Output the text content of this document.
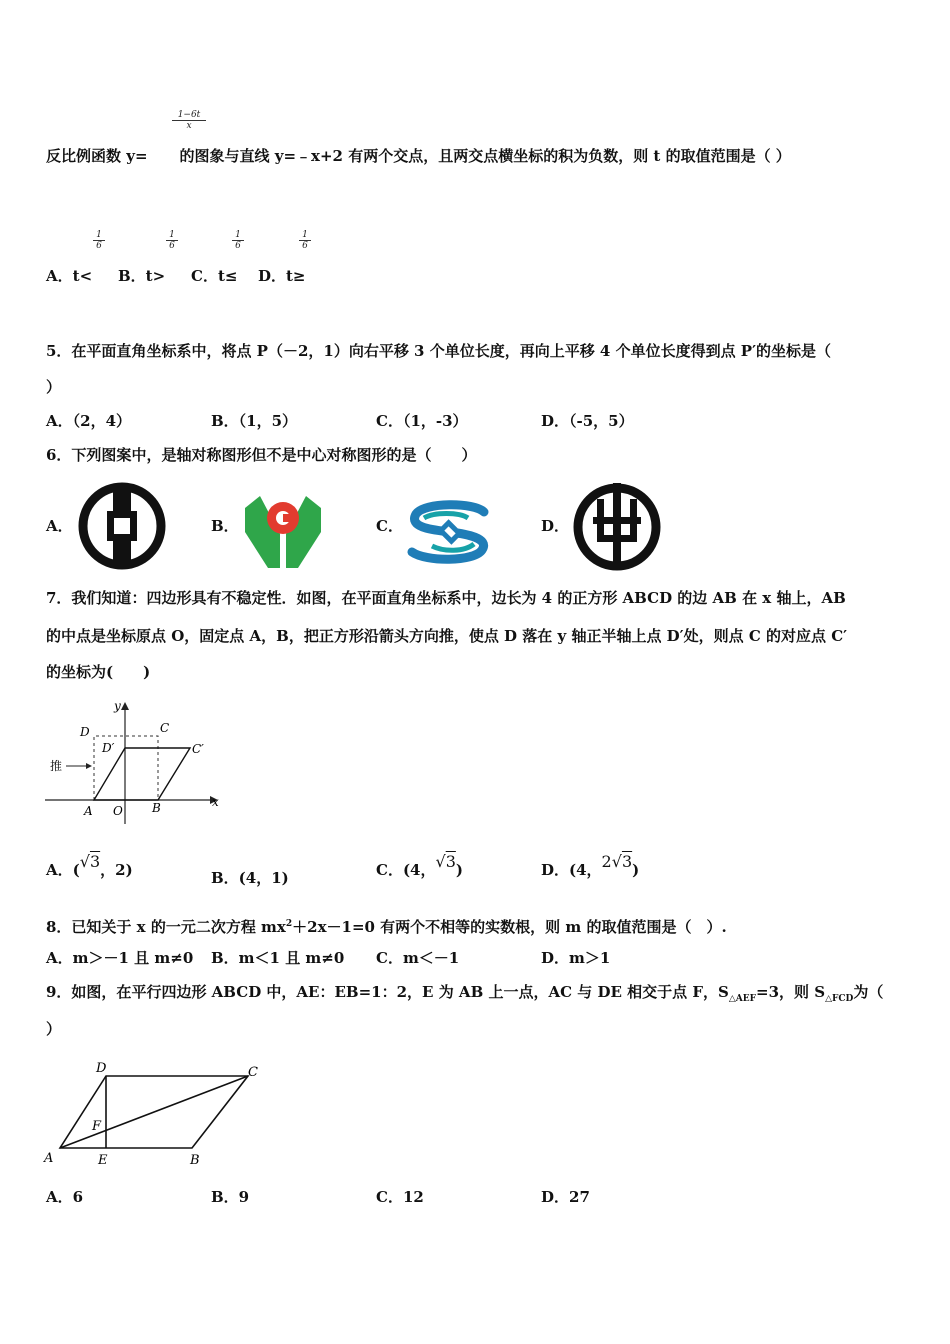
$\frac{1-6t}{x}$
反比例函数 y= 的图象与直线 y=﹣x+2 有两个交点，且两交点横坐标的积为负数，则 t 的取值范围是（ ）
$\frac{1}{6}$	$\frac{1}{6}$	$\frac{1}{6}$	$\frac{1}{6}$
A．t< B．t> C．t≤ D．t≥
5．在平面直角坐标系中，将点 P（－2，1）向右平移 3 个单位长度，再向上平移 4 个单位长度得到点 P′的坐标是（
）
A．（2，4）	B．（1，5）	C．（1，-3）	D．（-5，5）
6．下列图案中，是轴对称图形但不是中心对称图形的是（　　）
A．	B．	C．	D．
7．我们知道：四边形具有不稳定性．如图，在平面直角坐标系中，边长为 4 的正方形 ABCD 的边 AB 在 x 轴上，AB
的中点是坐标原点 O，固定点 A，B，把正方形沿箭头方向推，使点 D 落在 y 轴正半轴上点 D′处，则点 C 的对应点 C′
的坐标为(　　)
y
x
D	C
D′	C′
推
A O B
A．(√3，2)	B．(4，1)	C．(4，√3)	D．(4，2√3)
8．已知关于 x 的一元二次方程 $mx^2+2x-1=0$ 有两个不相等的实数根，则 m 的取值范围是（　）.
A．m＞－1 且 m≠0 B．m＜1 且 m≠0 C．m＜－1	D．m＞1
9．如图，在平行四边形 ABCD 中，AE：EB=1：2，E 为 AB 上一点，AC 与 DE 相交于点 F，$S_{\triangle AEF}=3$，则 $S_{\triangle FCD}$为（
）
D	C
F
A	E	B
A．6	B．9	C．12	D．27
